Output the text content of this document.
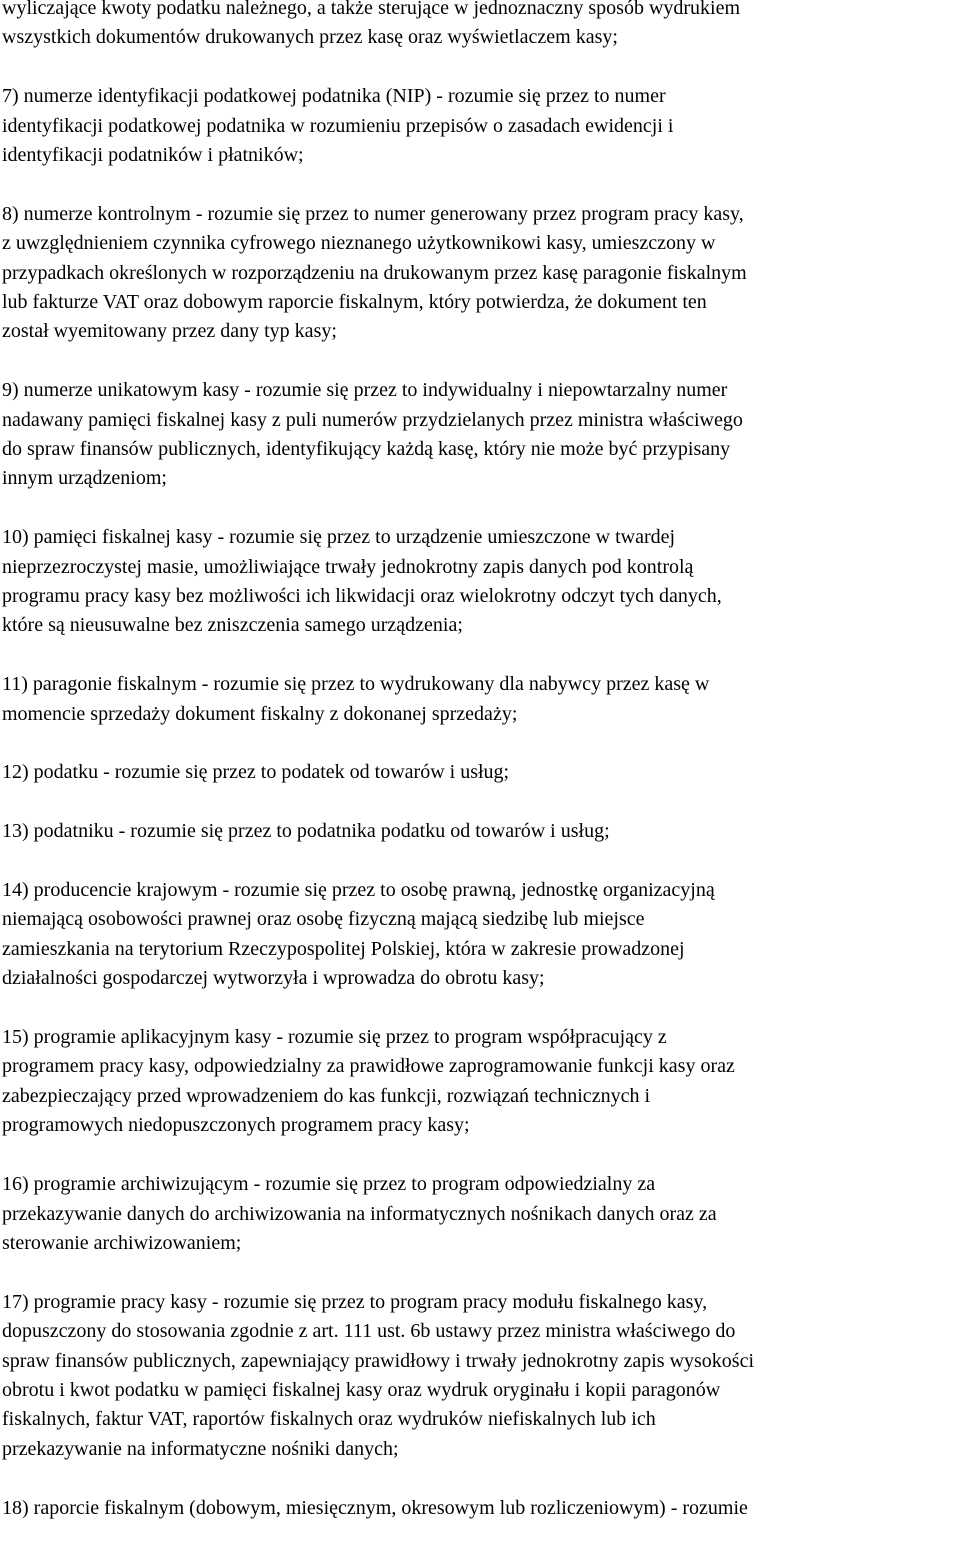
wyliczające kwoty podatku należnego, a także sterujące w jednoznaczny sposób wydrukiem
wszystkich dokumentów drukowanych przez kasę oraz wyświetlaczem kasy;

7) numerze identyfikacji podatkowej podatnika (NIP) - rozumie się przez to numer
identyfikacji podatkowej podatnika w rozumieniu przepisów o zasadach ewidencji i
identyfikacji podatników i płatników;

8) numerze kontrolnym - rozumie się przez to numer generowany przez program pracy kasy,
z uwzględnieniem czynnika cyfrowego nieznanego użytkownikowi kasy, umieszczony w
przypadkach określonych w rozporządzeniu na drukowanym przez kasę paragonie fiskalnym
lub fakturze VAT oraz dobowym raporcie fiskalnym, który potwierdza, że dokument ten
został wyemitowany przez dany typ kasy;

9) numerze unikatowym kasy - rozumie się przez to indywidualny i niepowtarzalny numer
nadawany pamięci fiskalnej kasy z puli numerów przydzielanych przez ministra właściwego
do spraw finansów publicznych, identyfikujący każdą kasę, który nie może być przypisany
innym urządzeniom;

10) pamięci fiskalnej kasy - rozumie się przez to urządzenie umieszczone w twardej
nieprzezroczystej masie, umożliwiające trwały jednokrotny zapis danych pod kontrolą
programu pracy kasy bez możliwości ich likwidacji oraz wielokrotny odczyt tych danych,
które są nieusuwalne bez zniszczenia samego urządzenia;

11) paragonie fiskalnym - rozumie się przez to wydrukowany dla nabywcy przez kasę w
momencie sprzedaży dokument fiskalny z dokonanej sprzedaży;

12) podatku - rozumie się przez to podatek od towarów i usług;

13) podatniku - rozumie się przez to podatnika podatku od towarów i usług;

14) producencie krajowym - rozumie się przez to osobę prawną, jednostkę organizacyjną
niemającą osobowości prawnej oraz osobę fizyczną mającą siedzibę lub miejsce
zamieszkania na terytorium Rzeczypospolitej Polskiej, która w zakresie prowadzonej
działalności gospodarczej wytworzyła i wprowadza do obrotu kasy;

15) programie aplikacyjnym kasy - rozumie się przez to program współpracujący z
programem pracy kasy, odpowiedzialny za prawidłowe zaprogramowanie funkcji kasy oraz
zabezpieczający przed wprowadzeniem do kas funkcji, rozwiązań technicznych i
programowych niedopuszczonych programem pracy kasy;

16) programie archiwizującym - rozumie się przez to program odpowiedzialny za
przekazywanie danych do archiwizowania na informatycznych nośnikach danych oraz za
sterowanie archiwizowaniem;

17) programie pracy kasy - rozumie się przez to program pracy modułu fiskalnego kasy,
dopuszczony do stosowania zgodnie z art. 111 ust. 6b ustawy przez ministra właściwego do
spraw finansów publicznych, zapewniający prawidłowy i trwały jednokrotny zapis wysokości
obrotu i kwot podatku w pamięci fiskalnej kasy oraz wydruk oryginału i kopii paragonów
fiskalnych, faktur VAT, raportów fiskalnych oraz wydruków niefiskalnych lub ich
przekazywanie na informatyczne nośniki danych;

18) raporcie fiskalnym (dobowym, miesięcznym, okresowym lub rozliczeniowym) - rozumie
